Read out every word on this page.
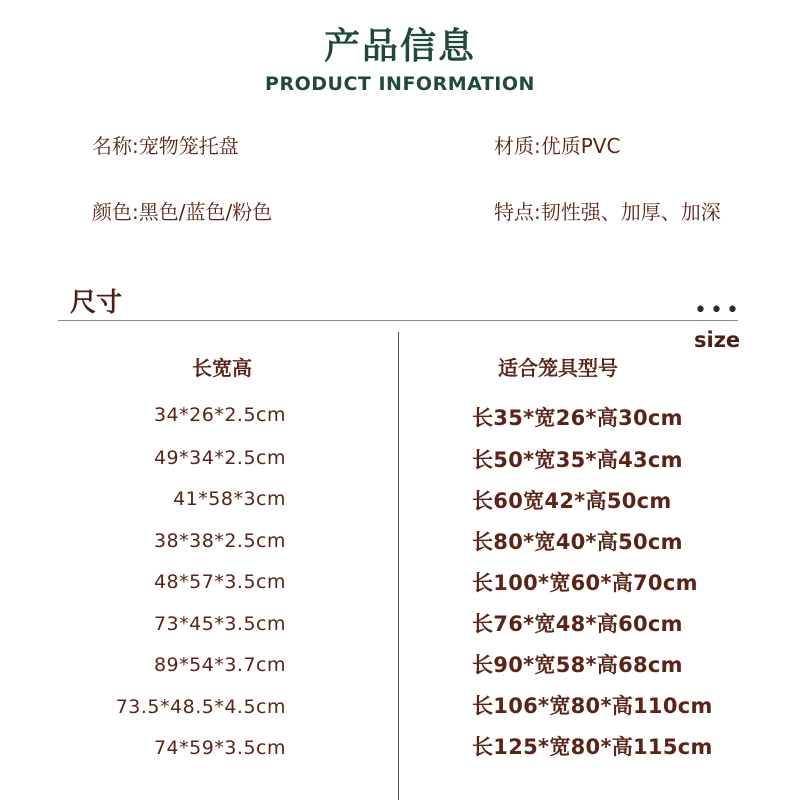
产品信息
PRODUCT INFORMATION
名称:宠物笼托盘	材质:优质PVC
颜色:黑色/蓝色/粉色	特点:韧性强、加厚、加深
尺寸	•••
size
长宽高	适合笼具型号
34*26*2.5cm	长35*宽26*高30cm
49*34*2.5cm	长50*宽35*高43cm
41*58*3cm	长60宽42*高50cm
38*38*2.5cm	长80*宽40*高50cm
48*57*3.5cm	长100*宽60*高70cm
73*45*3.5cm	长76*宽48*高60cm
89*54*3.7cm	长90*宽58*高68cm
73.5*48.5*4.5cm	长106*宽80*高110cm
74*59*3.5cm	长125*宽80*高115cm
